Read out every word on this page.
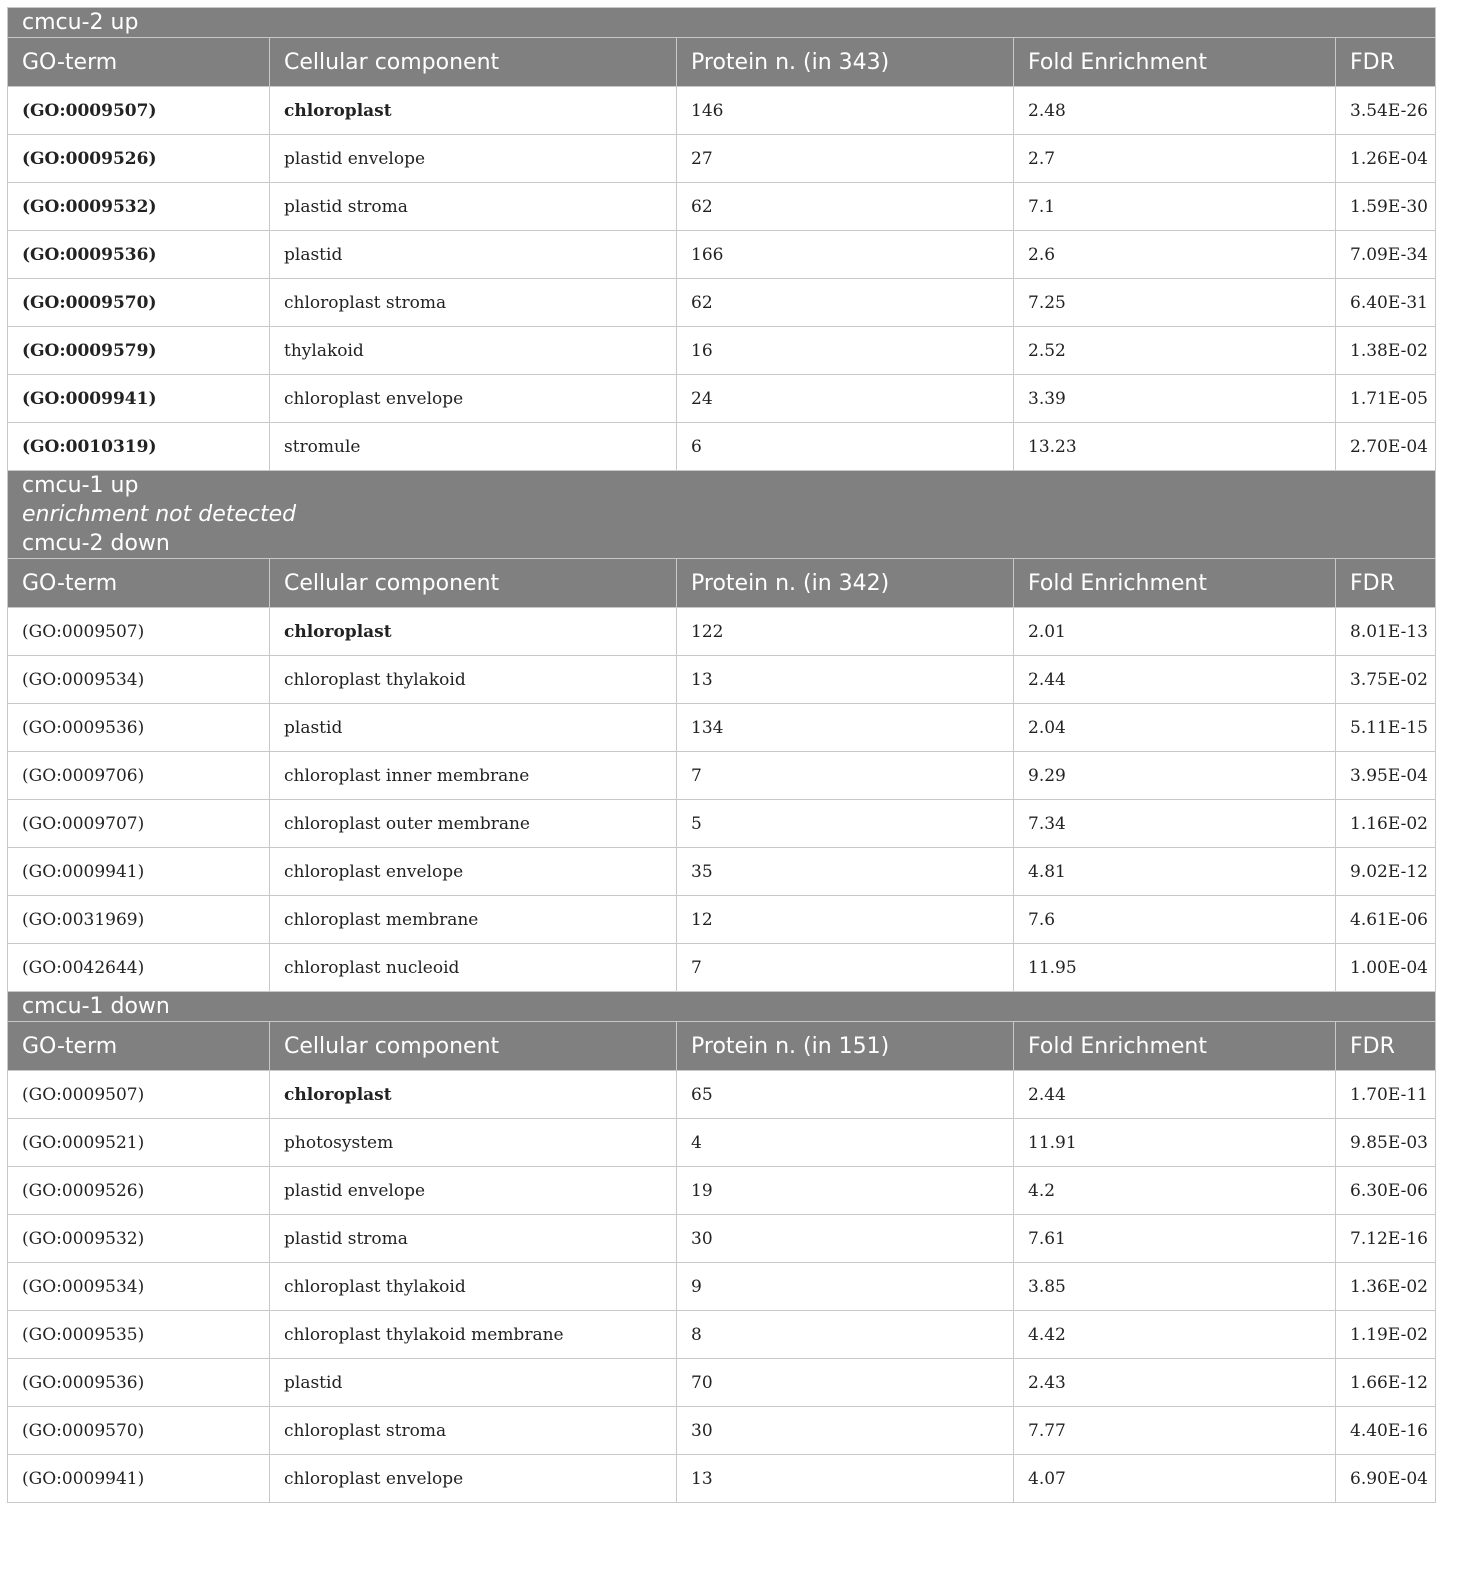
cmcu-2 up				

GO-term	Cellular component	Protein n. (in 343)	Fold Enrichment	FDR
(GO:0009507)	chloroplast	146	2.48	3.54E-26
(GO:0009526)	plastid envelope	27	2.7	1.26E-04
(GO:0009532)	plastid stroma	62	7.1	1.59E-30
(GO:0009536)	plastid	166	2.6	7.09E-34
(GO:0009570)	chloroplast stroma	62	7.25	6.40E-31
(GO:0009579)	thylakoid	16	2.52	1.38E-02
(GO:0009941)	chloroplast envelope	24	3.39	1.71E-05
(GO:0010319)	stromule	6	13.23	2.70E-04

cmcu-1 up
enrichment not detected
cmcu-2 down				

GO-term	Cellular component	Protein n. (in 342)	Fold Enrichment	FDR
(GO:0009507)	chloroplast	122	2.01	8.01E-13
(GO:0009534)	chloroplast thylakoid	13	2.44	3.75E-02
(GO:0009536)	plastid	134	2.04	5.11E-15
(GO:0009706)	chloroplast inner membrane	7	9.29	3.95E-04
(GO:0009707)	chloroplast outer membrane	5	7.34	1.16E-02
(GO:0009941)	chloroplast envelope	35	4.81	9.02E-12
(GO:0031969)	chloroplast membrane	12	7.6	4.61E-06
(GO:0042644)	chloroplast nucleoid	7	11.95	1.00E-04

cmcu-1 down				

GO-term	Cellular component	Protein n. (in 151)	Fold Enrichment	FDR
(GO:0009507)	chloroplast	65	2.44	1.70E-11
(GO:0009521)	photosystem	4	11.91	9.85E-03
(GO:0009526)	plastid envelope	19	4.2	6.30E-06
(GO:0009532)	plastid stroma	30	7.61	7.12E-16
(GO:0009534)	chloroplast thylakoid	9	3.85	1.36E-02
(GO:0009535)	chloroplast thylakoid membrane	8	4.42	1.19E-02
(GO:0009536)	plastid	70	2.43	1.66E-12
(GO:0009570)	chloroplast stroma	30	7.77	4.40E-16
(GO:0009941)	chloroplast envelope	13	4.07	6.90E-04
